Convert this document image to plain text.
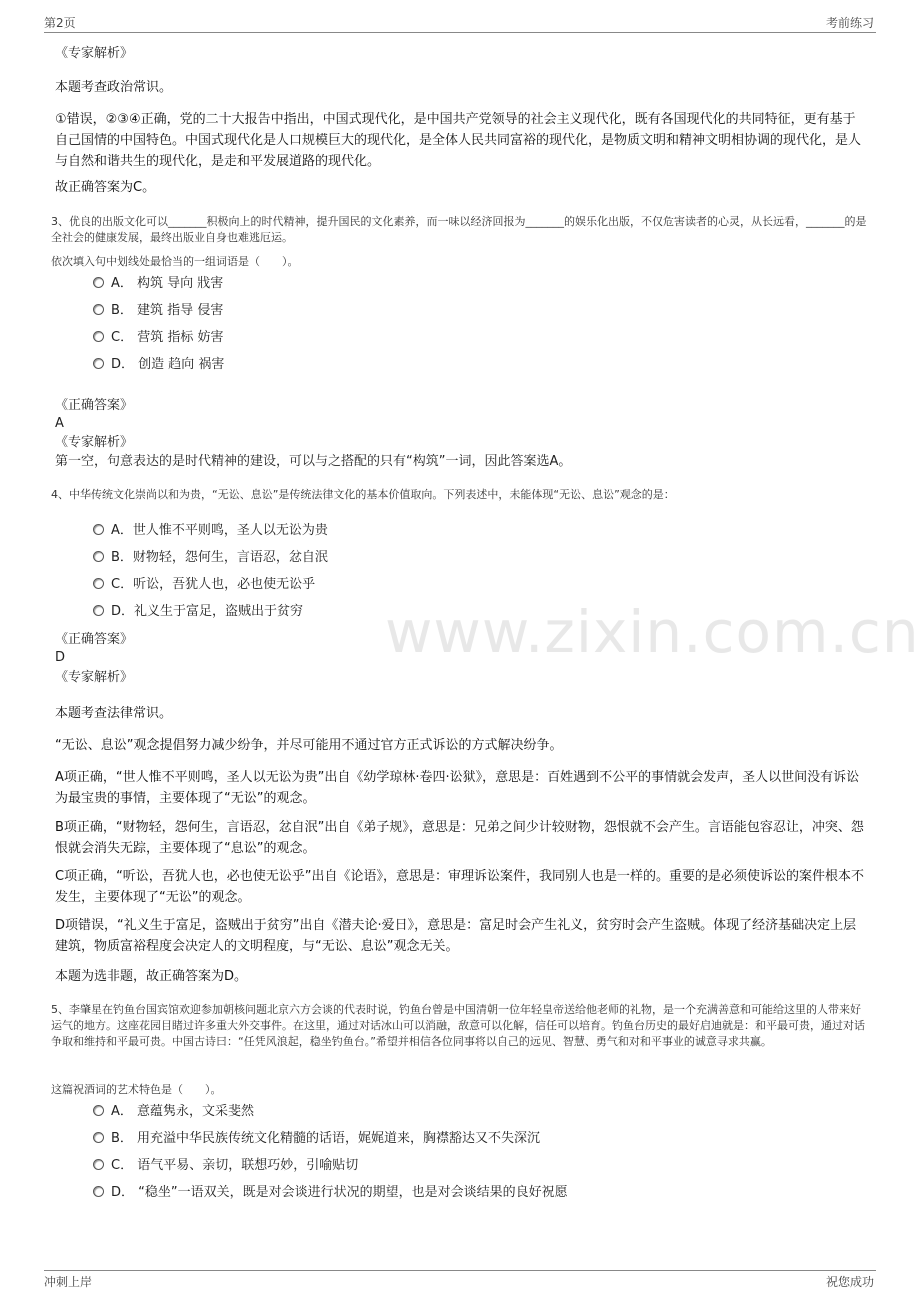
第2页	考前练习
www.zixin.com.cn
《专家解析》
本题考查政治常识。
①错误，②③④正确，党的二十大报告中指出，中国式现代化，是中国共产党领导的社会主义现代化，既有各国现代化的共同特征，更有基于自己国情的中国特色。中国式现代化是人口规模巨大的现代化，是全体人民共同富裕的现代化，是物质文明和精神文明相协调的现代化，是人与自然和谐共生的现代化，是走和平发展道路的现代化。
故正确答案为C。
3、优良的出版文化可以_______积极向上的时代精神，提升国民的文化素养，而一味以经济回报为_______的娱乐化出版，不仅危害读者的心灵，从长远看，_______的是全社会的健康发展，最终出版业自身也难逃厄运。
依次填入句中划线处最恰当的一组词语是（　　）。
A． 构筑 导向 戕害
B． 建筑 指导 侵害
C． 营筑 指标 妨害
D． 创造 趋向 祸害
《正确答案》
A
《专家解析》
第一空，句意表达的是时代精神的建设，可以与之搭配的只有“构筑”一词，因此答案选A。
4、中华传统文化崇尚以和为贵，“无讼、息讼”是传统法律文化的基本价值取向。下列表述中，未能体现“无讼、息讼”观念的是：
A．世人惟不平则鸣，圣人以无讼为贵
B．财物轻，怨何生，言语忍，忿自泯
C．听讼，吾犹人也，必也使无讼乎
D．礼义生于富足，盗贼出于贫穷
《正确答案》
D
《专家解析》
本题考查法律常识。
“无讼、息讼”观念提倡努力减少纷争，并尽可能用不通过官方正式诉讼的方式解决纷争。
A项正确，“世人惟不平则鸣，圣人以无讼为贵”出自《幼学琼林·卷四·讼狱》，意思是：百姓遇到不公平的事情就会发声，圣人以世间没有诉讼为最宝贵的事情，主要体现了“无讼”的观念。
B项正确，“财物轻，怨何生，言语忍，忿自泯”出自《弟子规》，意思是：兄弟之间少计较财物，怨恨就不会产生。言语能包容忍让，冲突、怨恨就会消失无踪，主要体现了“息讼”的观念。
C项正确，“听讼，吾犹人也，必也使无讼乎”出自《论语》，意思是：审理诉讼案件，我同别人也是一样的。重要的是必须使诉讼的案件根本不发生，主要体现了“无讼”的观念。
D项错误，“礼义生于富足，盗贼出于贫穷”出自《潜夫论·爱日》，意思是：富足时会产生礼义，贫穷时会产生盗贼。体现了经济基础决定上层建筑，物质富裕程度会决定人的文明程度，与“无讼、息讼”观念无关。
本题为选非题，故正确答案为D。
5、李肇星在钓鱼台国宾馆欢迎参加朝核问题北京六方会谈的代表时说，钓鱼台曾是中国清朝一位年轻皇帝送给他老师的礼物，是一个充满善意和可能给这里的人带来好运气的地方。这座花园目睹过许多重大外交事件。在这里，通过对话冰山可以消融，敌意可以化解，信任可以培育。钓鱼台历史的最好启迪就是：和平最可贵，通过对话争取和维持和平最可贵。中国古诗曰：“任凭风浪起，稳坐钓鱼台。”希望并相信各位同事将以自己的远见、智慧、勇气和对和平事业的诚意寻求共赢。
这篇祝酒词的艺术特色是（　　）。
A． 意蕴隽永，文采斐然
B． 用充溢中华民族传统文化精髓的话语，娓娓道来，胸襟豁达又不失深沉
C． 语气平易、亲切，联想巧妙，引喻贴切
D． “稳坐”一语双关，既是对会谈进行状况的期望，也是对会谈结果的良好祝愿
冲刺上岸	祝您成功
